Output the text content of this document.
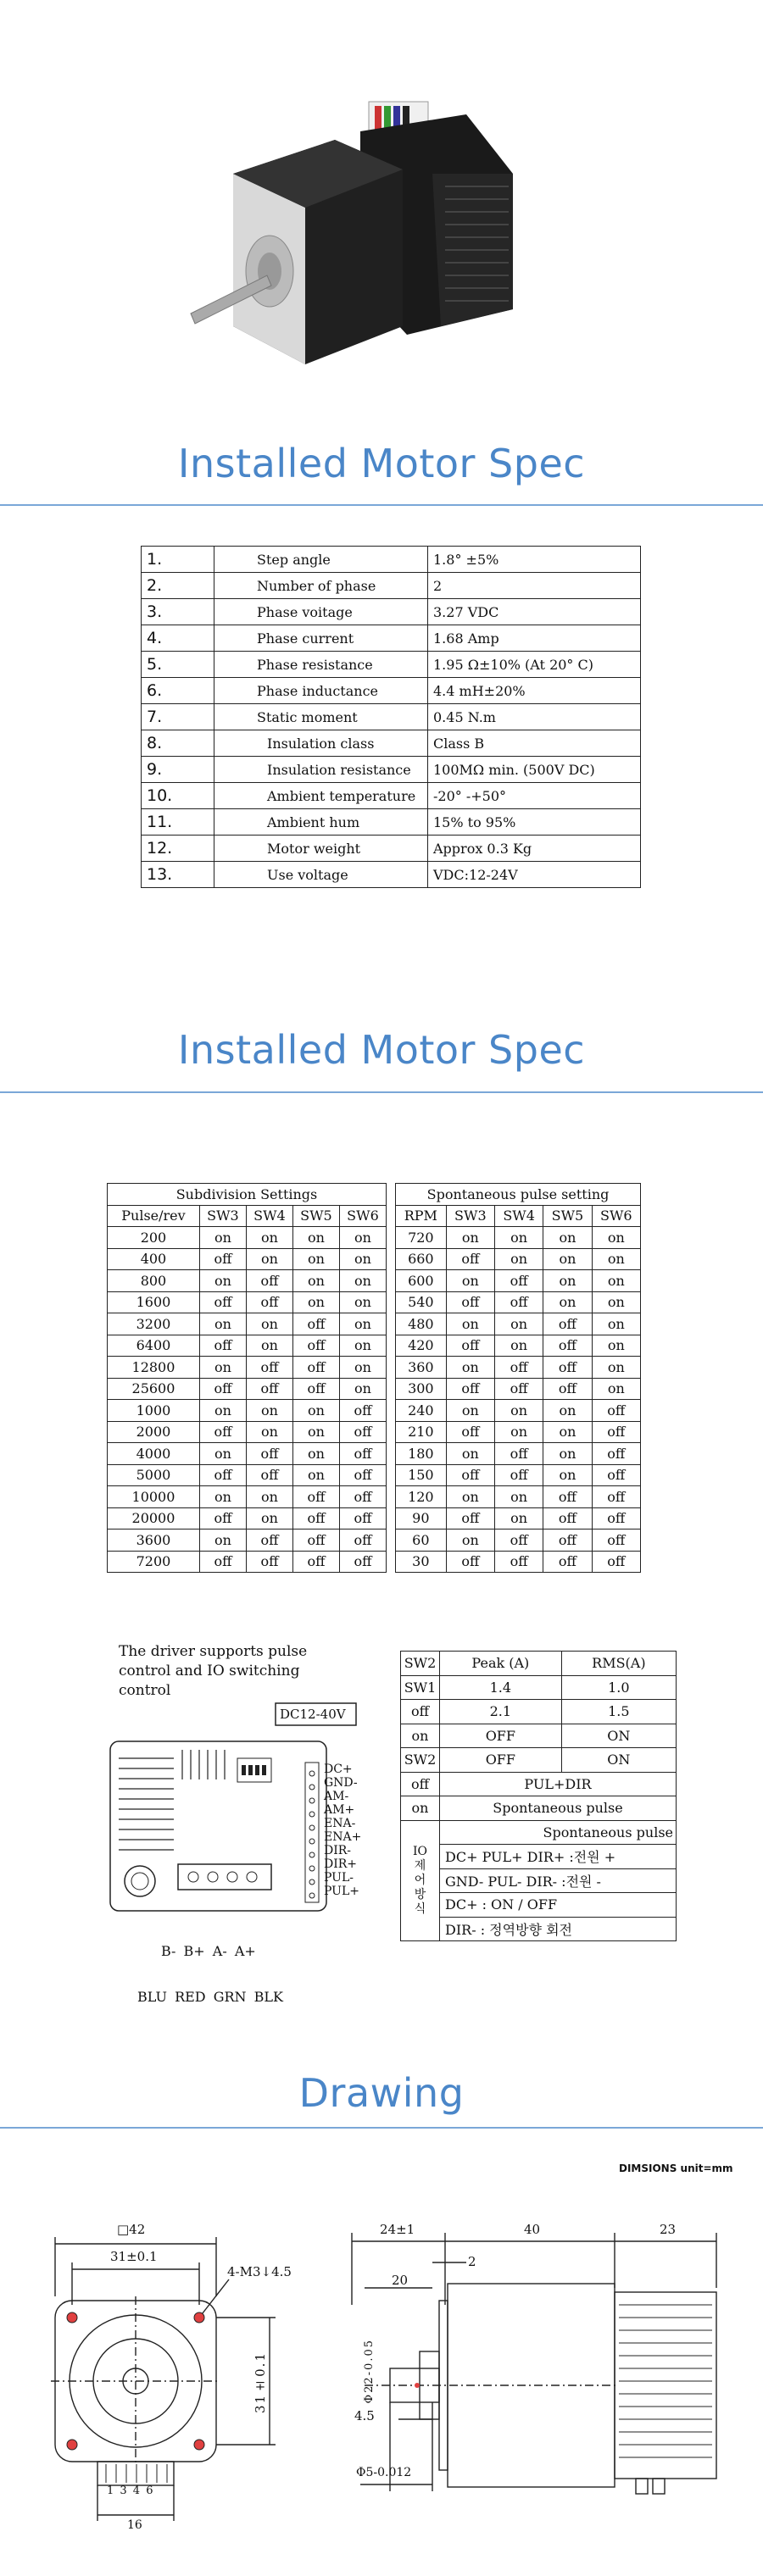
Installed Motor Spec
1.	Step angle	1.8° ±5%
2.	Number of phase	2
3.	Phase voitage	3.27 VDC
4.	Phase current	1.68 Amp
5.	Phase resistance	1.95 Ω±10% (At 20° C)
6.	Phase inductance	4.4 mH±20%
7.	Static moment	0.45 N.m
8.	Insulation class	Class B
9.	Insulation resistance	100MΩ min. (500V DC)
10.	Ambient temperature	-20° -+50°
11.	Ambient hum	15% to 95%
12.	Motor weight	Approx 0.3 Kg
13.	Use voltage	VDC:12-24V
Installed Motor Spec
Subdivision Settings				
Pulse/rev	SW3	SW4	SW5	SW6
200	on	on	on	on
400	off	on	on	on
800	on	off	on	on
1600	off	off	on	on
3200	on	on	off	on
6400	off	on	off	on
12800	on	off	off	on
25600	off	off	off	on
1000	on	on	on	off
2000	off	on	on	off
4000	on	off	on	off
5000	off	off	on	off
10000	on	on	off	off
20000	off	on	off	off
3600	on	off	off	off
7200	off	off	off	off
Spontaneous pulse setting				
RPM	SW3	SW4	SW5	SW6
720	on	on	on	on
660	off	on	on	on
600	on	off	on	on
540	off	off	on	on
480	on	on	off	on
420	off	on	off	on
360	on	off	off	on
300	off	off	off	on
240	on	on	on	off
210	off	on	on	off
180	on	off	on	off
150	off	off	on	off
120	on	on	off	off
90	off	on	off	off
60	on	off	off	off
30	off	off	off	off
The driver supports pulse control and IO switching control
DC12-40V
DC+
GND-
AM-
AM+
ENA-
ENA+
DIR-
DIR+
PUL-
PUL+
B- B+ A- A+
BLU RED GRN BLK
SW2	Peak (A)	RMS(A)
SW1	1.4	1.0
off	2.1	1.5
on	OFF	ON
SW2	OFF	ON
off	PUL+DIR	
on	Spontaneous pulse	
IO 제어방식	Spontaneous pulse	
	DC+ PUL+ DIR+ :전원 +	
	GND- PUL- DIR- :전원 -	
	DC+ : ON / OFF	
	DIR- : 정역방향 회전	
Drawing
DIMSIONS unit=mm
□42
31±0.1
4-M3↓4.5
31±0.1
1 3 4 6
16
24±1	40	23
2
20
Φ22-0.05
4.5
Φ5-0.012
